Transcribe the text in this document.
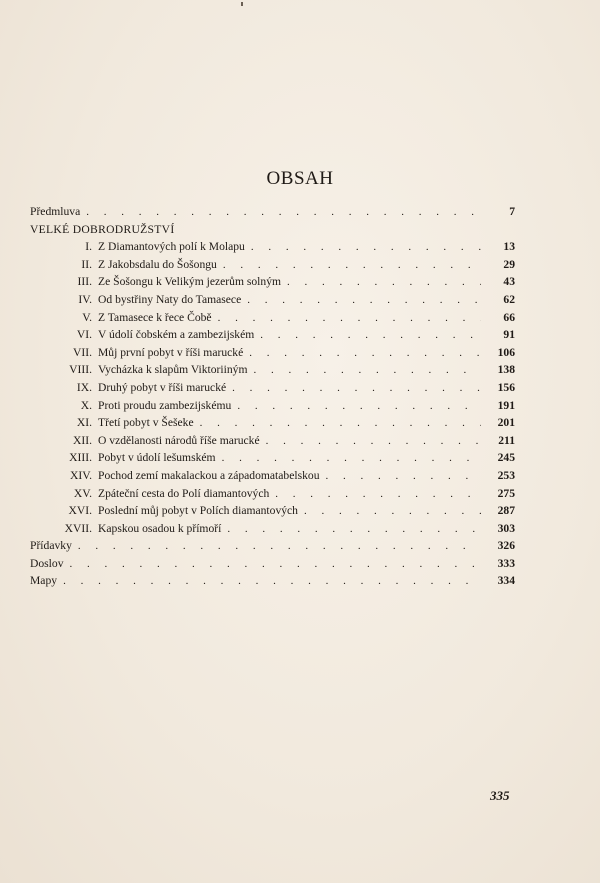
OBSAH
Předmluva . . .	7
VELKÉ DOBRODRUŽSTVÍ
I. Z Diamantových polí k Molapu . . .	13
II. Z Jakobsdalu do Šošongu . . .	29
III. Ze Šošongu k Velikým jezerům solným . . .	43
IV. Od bystřiny Naty do Tamasece . . .	62
V. Z Tamasece k řece Čobě . . .	66
VI. V údolí čobském a zambezijském . . .	91
VII. Můj první pobyt v říši marucké . . .	106
VIII. Vycházka k slapům Viktoriiným . . .	138
IX. Druhý pobyt v říši marucké . . .	156
X. Proti proudu zambezijskému . . .	191
XI. Třetí pobyt v Šešeke . . .	201
XII. O vzdělanosti národů říše marucké . . .	211
XIII. Pobyt v údolí lešumském . . .	245
XIV. Pochod zemí makalackou a západomatabelskou . . .	253
XV. Zpáteční cesta do Polí diamantových . . .	275
XVI. Poslední můj pobyt v Polích diamantových . . .	287
XVII. Kapskou osadou k přímoří . . .	303
Přídavky . . .	326
Doslov . . .	333
Mapy . . .	334
335
